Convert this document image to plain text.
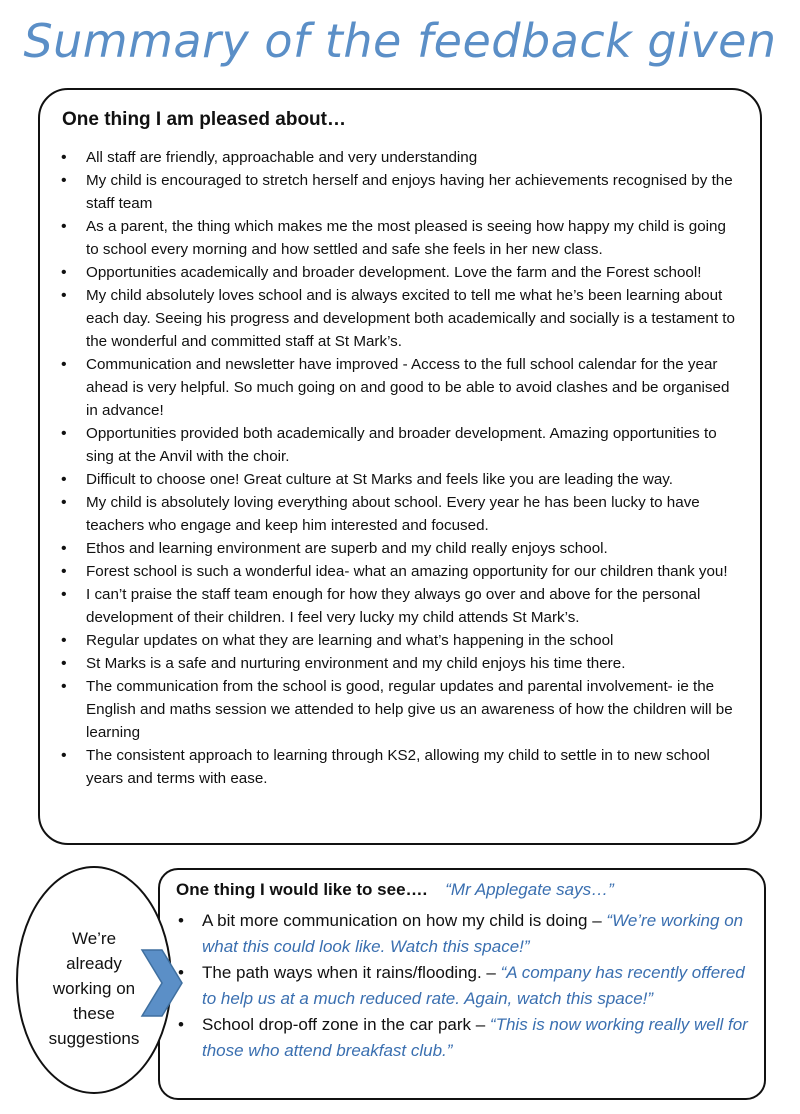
Summary of the feedback given
One thing I am pleased about…
• All staff are friendly, approachable and very understanding
• My child is encouraged to stretch herself and enjoys having her achievements recognised by the staff team
• As a parent, the thing which makes me the most pleased is seeing how happy my child is going to school every morning and how settled and safe she feels in her new class.
• Opportunities academically and broader development. Love the farm and the Forest school!
• My child absolutely loves school and is always excited to tell me what he’s been learning about each day. Seeing his progress and development both academically and socially is a testament to the wonderful and committed staff at St Mark’s.
• Communication and newsletter have improved - Access to the full school calendar for the year ahead is very helpful. So much going on and good to be able to avoid clashes and be organised in advance!
• Opportunities provided both academically and broader development. Amazing opportunities to sing at the Anvil with the choir.
• Difficult to choose one! Great culture at St Marks and feels like you are leading the way.
• My child is absolutely loving everything about school. Every year he has been lucky to have teachers who engage and keep him interested and focused.
• Ethos and learning environment are superb and my child really enjoys school.
• Forest school is such a wonderful idea- what an amazing opportunity for our children thank you!
• I can’t praise the staff team enough for how they always go over and above for the personal development of their children. I feel very lucky my child attends St Mark’s.
• Regular updates on what they are learning and what’s happening in the school
• St Marks is a safe and nurturing environment and my child enjoys his time there.
• The communication from the school is good, regular updates and parental involvement- ie the English and maths session we attended to help give us an awareness of how the children will be learning
• The consistent approach to learning through KS2, allowing my child to settle in to new school years and terms with ease.
One thing I would like to see…. “Mr Applegate says…”
• A bit more communication on how my child is doing – “We’re working on what this could look like. Watch this space!”
• The path ways when it rains/flooding. – “A company has recently offered to help us at a much reduced rate. Again, watch this space!”
• School drop-off zone in the car park – “This is now working really well for those who attend breakfast club.”
We’re
already
working on
these
suggestions
